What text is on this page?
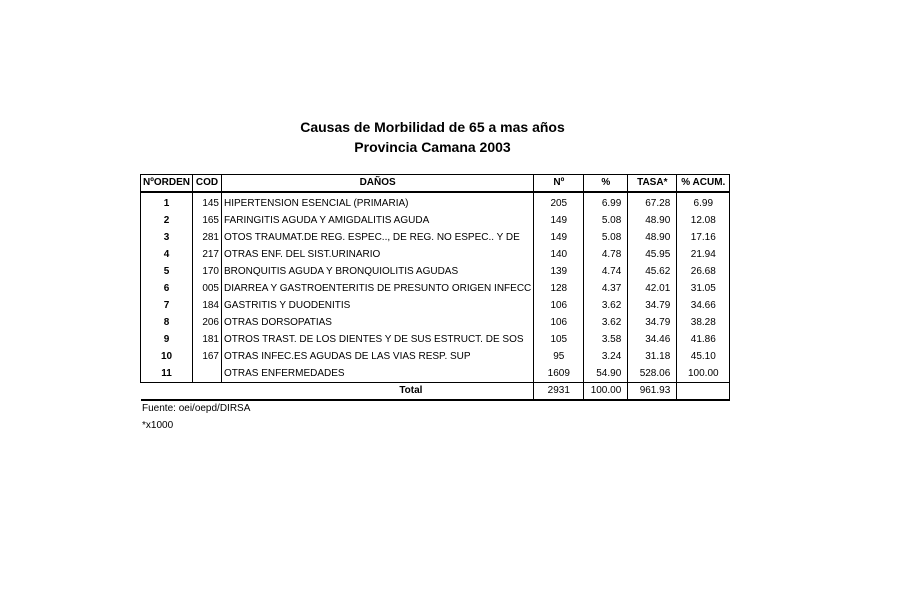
Causas de Morbilidad de 65 a mas años
Provincia Camana 2003
NºORDEN	COD	DAÑOS	Nº	%	TASA*	% ACUM.
1	145	HIPERTENSION ESENCIAL (PRIMARIA)	205	6.99	67.28	6.99
2	165	FARINGITIS AGUDA Y AMIGDALITIS AGUDA	149	5.08	48.90	12.08
3	281	OTOS TRAUMAT.DE REG. ESPEC.., DE REG. NO ESPEC.. Y DE	149	5.08	48.90	17.16
4	217	OTRAS ENF. DEL SIST.URINARIO	140	4.78	45.95	21.94
5	170	BRONQUITIS AGUDA Y BRONQUIOLITIS AGUDAS	139	4.74	45.62	26.68
6	005	DIARREA Y GASTROENTERITIS DE PRESUNTO ORIGEN INFECC	128	4.37	42.01	31.05
7	184	GASTRITIS Y DUODENITIS	106	3.62	34.79	34.66
8	206	OTRAS DORSOPATIAS	106	3.62	34.79	38.28
9	181	OTROS TRAST. DE LOS DIENTES Y DE SUS ESTRUCT. DE SOS	105	3.58	34.46	41.86
10	167	OTRAS INFEC.ES AGUDAS DE LAS VIAS RESP. SUP	95	3.24	31.18	45.10
11		OTRAS ENFERMEDADES	1609	54.90	528.06	100.00
Total			2931	100.00	961.93	
Fuente: oei/oepd/DIRSA
*x1000
